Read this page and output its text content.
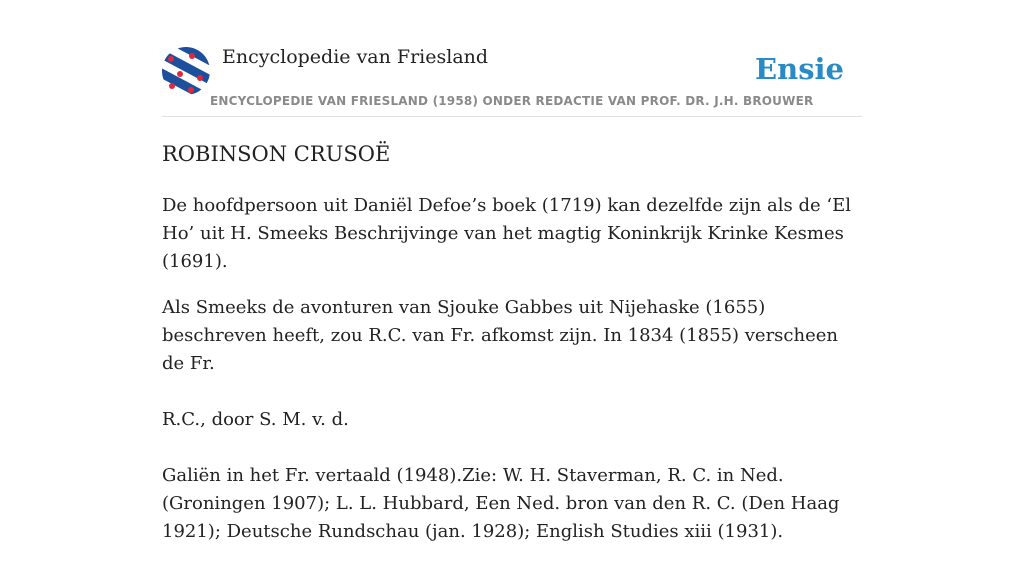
Encyclopedie van Friesland
ENCYCLOPEDIE VAN FRIESLAND (1958) ONDER REDACTIE VAN PROF. DR. J.H. BROUWER
Ensie
ROBINSON CRUSOË

De hoofdpersoon uit Daniël Defoe’s boek (1719) kan dezelfde zijn als de ‘El Ho’ uit H. Smeeks Beschrijvinge van het magtig Koninkrijk Krinke Kesmes (1691).

Als Smeeks de avonturen van Sjouke Gabbes uit Nijehaske (1655) beschreven heeft, zou R.C. van Fr. afkomst zijn. In 1834 (1855) verscheen de Fr.

R.C., door S. M. v. d.

Galiën in het Fr. vertaald (1948).Zie: W. H. Staverman, R. C. in Ned. (Groningen 1907); L. L. Hubbard, Een Ned. bron van den R. C. (Den Haag 1921); Deutsche Rundschau (jan. 1928); English Studies xiii (1931).
